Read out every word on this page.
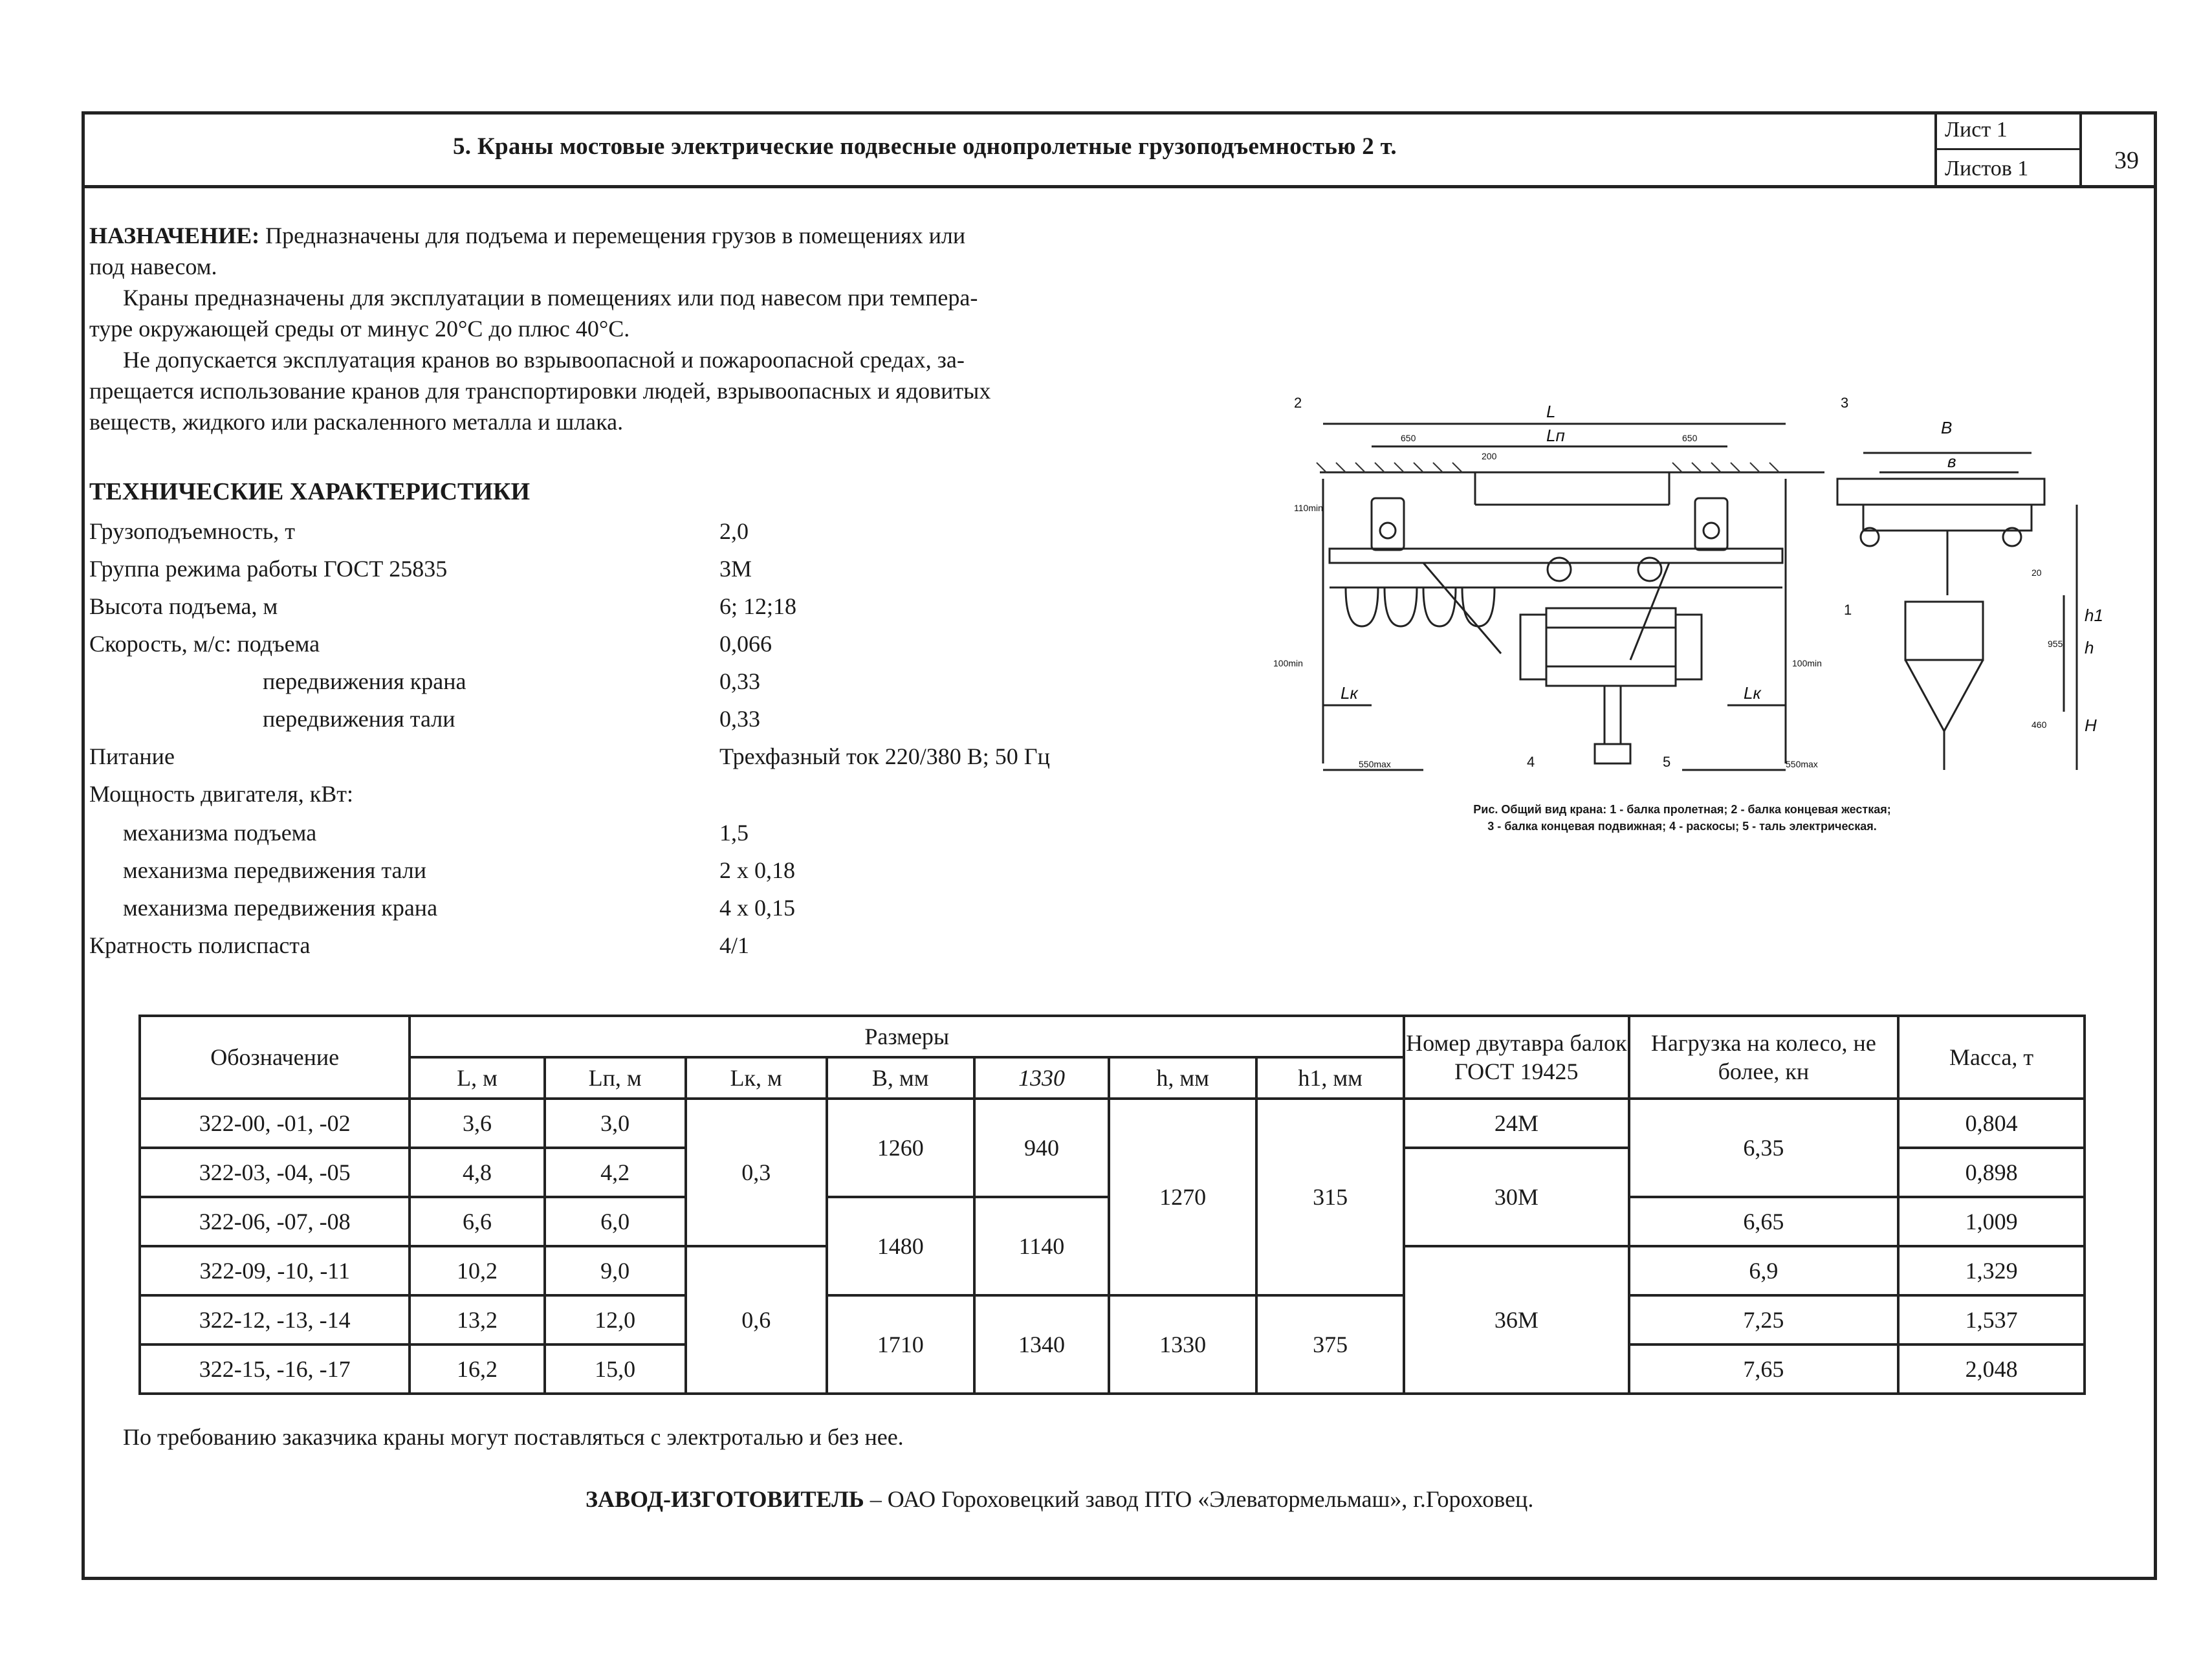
5. Краны мостовые электрические подвесные однопролетные грузоподъемностью 2 т.
Лист 1
Листов 1	39
НАЗНАЧЕНИЕ: Предназначены для подъема и перемещения грузов в помещениях или
под навесом.
Краны предназначены для эксплуатации в помещениях или под навесом при темпера-
туре окружающей среды от минус 20°С до плюс 40°С.
Не допускается эксплуатация кранов во взрывоопасной и пожароопасной средах, за-
прещается использование кранов для транспортировки людей, взрывоопасных и ядовитых
веществ, жидкого или раскаленного металла и шлака.
ТЕХНИЧЕСКИЕ ХАРАКТЕРИСТИКИ
Грузоподъемность, т	2,0
Группа режима работы ГОСТ 25835	3М
Высота подъема, м	6; 12;18
Скорость, м/с: подъема	0,066
передвижения крана	0,33
передвижения тали	0,33
Питание	Трехфазный ток 220/380 В; 50 Гц
Мощность двигателя, кВт:
механизма подъема	1,5
механизма передвижения тали	2 х 0,18
механизма передвижения крана	4 х 0,15
Кратность полиспаста	4/1
L
Lп
Lк	Lк
B
в
h1
h
H
650	650
200
110min
100min	100min
550max	550max
955
460
20
2	3
1
4	5
Рис. Общий вид крана: 1 - балка пролетная; 2 - балка концевая жесткая;
3 - балка концевая подвижная; 4 - раскосы; 5 - таль электрическая.
Обозначение	Размеры							Номер двутавра балок ГОСТ 19425	Нагрузка на колесо, не более, кн	Масса, т
	L, м	Lп, м	Lк, м	В, мм	1330	h, мм	h1, мм			
322-00, -01, -02	3,6	3,0	0,3	1260	940	1270	315	24М	6,35	0,804
322-03, -04, -05	4,8	4,2						30М		0,898
322-06, -07, -08	6,6	6,0		1480	1140				6,65	1,009
322-09, -10, -11	10,2	9,0	0,6					36М	6,9	1,329
322-12, -13, -14	13,2	12,0		1710	1340	1330	375		7,25	1,537
322-15, -16, -17	16,2	15,0							7,65	2,048
По требованию заказчика краны могут поставляться с электроталью и без нее.
ЗАВОД-ИЗГОТОВИТЕЛЬ – ОАО Гороховецкий завод ПТО «Элеватормельмаш», г.Гороховец.
